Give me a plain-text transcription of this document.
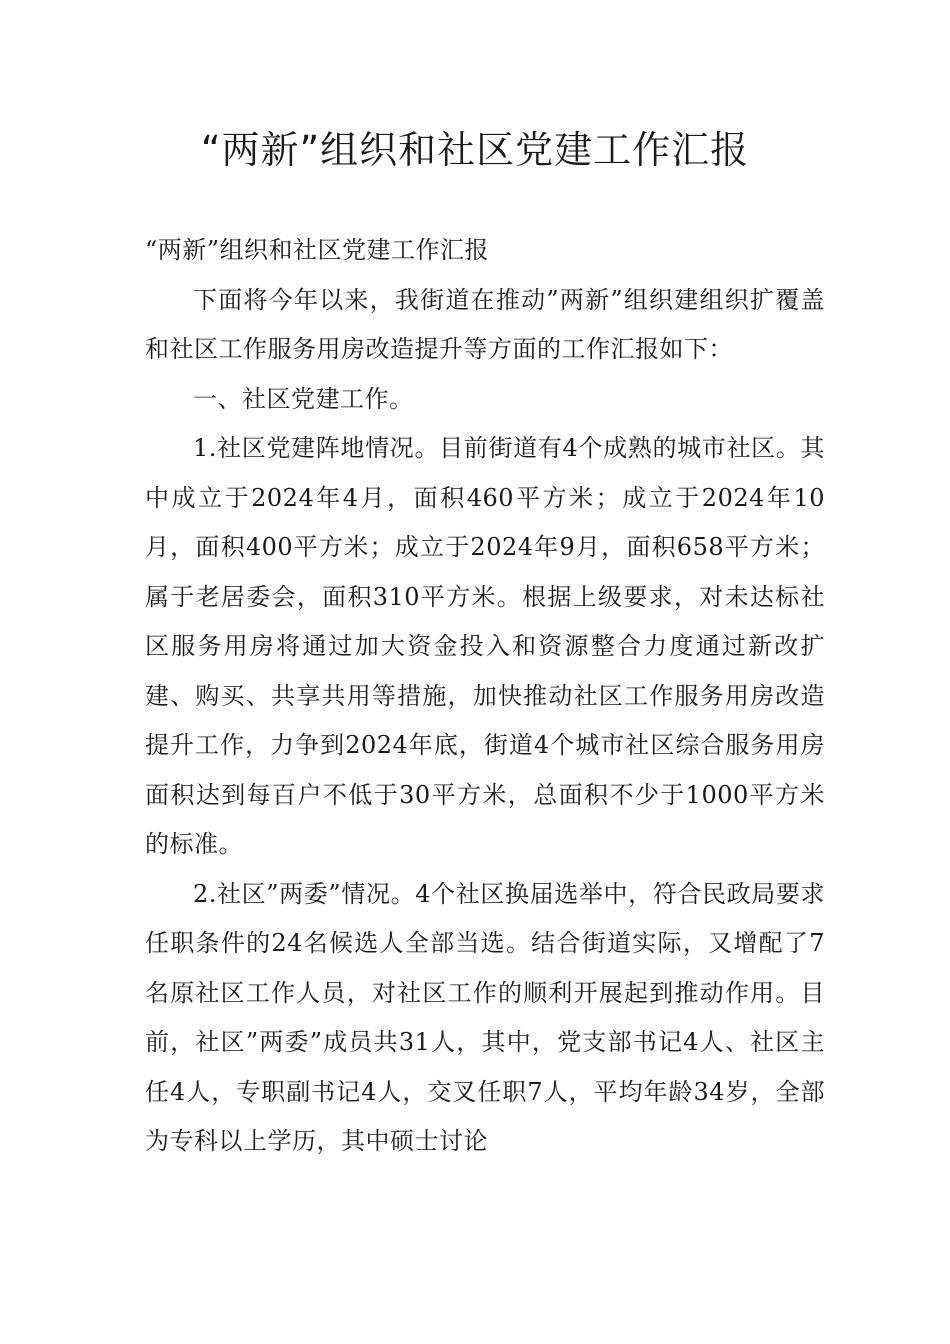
“两新”组织和社区党建工作汇报

“两新”组织和社区党建工作汇报

下面将今年以来，我街道在推动”两新”组织建组织扩覆盖和社区工作服务用房改造提升等方面的工作汇报如下：

一、社区党建工作。

1.社区党建阵地情况。目前街道有4个成熟的城市社区。其中成立于2024年4月，面积460平方米；成立于2024年10月，面积400平方米；成立于2024年9月，面积658平方米；属于老居委会，面积310平方米。根据上级要求，对未达标社区服务用房将通过加大资金投入和资源整合力度通过新改扩建、购买、共享共用等措施，加快推动社区工作服务用房改造提升工作，力争到2024年底，街道4个城市社区综合服务用房面积达到每百户不低于30平方米，总面积不少于1000平方米的标准。

2.社区”两委”情况。4个社区换届选举中，符合民政局要求任职条件的24名候选人全部当选。结合街道实际，又增配了7名原社区工作人员，对社区工作的顺利开展起到推动作用。目前，社区”两委”成员共31人，其中，党支部书记4人、社区主任4人，专职副书记4人，交叉任职7人，平均年龄34岁，全部为专科以上学历，其中硕士讨论
